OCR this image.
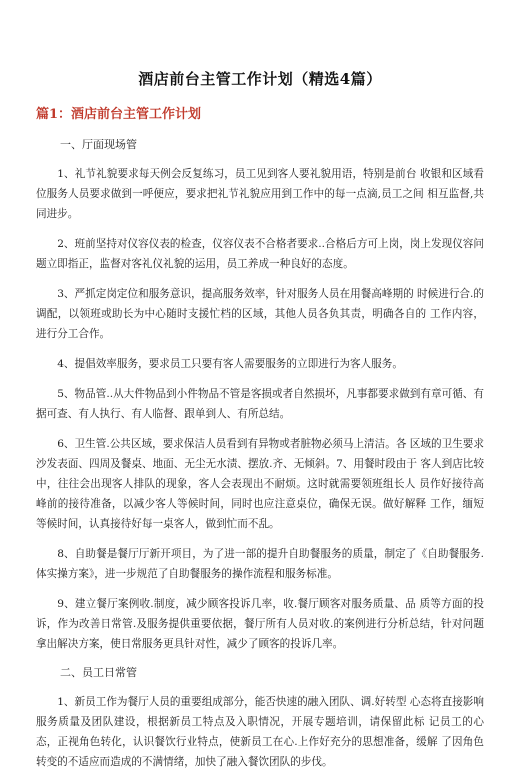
酒店前台主管工作计划（精选4篇）
篇1：酒店前台主管工作计划
一、厅面现场管

1、礼节礼貌要求每天例会反复练习，员工见到客人要礼貌用语，特别是前台 收银和区域看位服务人员要求做到一呼便应，要求把礼节礼貌应用到工作中的每一点滴,员工之间 相互监督,共同进步。

2、班前坚持对仪容仪表的检查，仪容仪表不合格者要求..合格后方可上岗，岗上发现仪容问题立即指正，监督对客礼仪礼貌的运用，员工养成一种良好的态度。

3、严抓定岗定位和服务意识，提高服务效率，针对服务人员在用餐高峰期的 时候进行合.的调配，以领班或助长为中心随时支援忙档的区域，其他人员各负其责，明确各自的 工作内容，进行分工合作。

4、提倡效率服务，要求员工只要有客人需要服务的立即进行为客人服务。

5、物品管..从大件物品到小件物品不管是客损或者自然损坏，凡事都要求做到有章可循、有据可查、有人执行、有人临督、跟单到人、有所总结。

6、卫生管.公共区域，要求保洁人员看到有异物或者脏物必须马上清洁。各 区域的卫生要求沙发表面、四周及餐桌、地面、无尘无水渍、摆放.齐、无倾斜。7、用餐时段由于 客人到店比较中，往往会出现客人排队的现象，客人会表现出不耐烦。这时就需要领班组长人 员作好接待高峰前的接待准备，以减少客人等候时间，同时也应注意桌位，确保无误。做好解释 工作，缅短等候时间，认真接待好每一桌客人，做到忙而不乱。

8、自助餐是餐厅厅新开项目，为了进一部的提升自助餐服务的质量，制定了《自助餐服务.体实操方案》，进一步规范了自助餐服务的操作流程和服务标准。

9、建立餐厅案例收.制度，减少顾客投诉几率，收.餐厅顾客对服务质量、品 质等方面的投诉，作为改善日常管.及服务提供重要依据，餐厅所有人员对收.的案例进行分析总结，针对问题拿出解决方案，使日常服务更具针对性，减少了顾客的投诉几率。

二、员工日常管

1、新员工作为餐厅人员的重要组成部分，能否快速的融入团队、调.好转型 心态将直接影响服务质量及团队建设，根据新员工特点及入职情况，开展专题培训，请保留此标 记员工的心态，正视角色转化，认识餐饮行业特点，使新员工在心.上作好充分的思想准备，缓解 了因角色转变的不适应而造成的不满情绪，加快了融入餐饮团队的步伐。
